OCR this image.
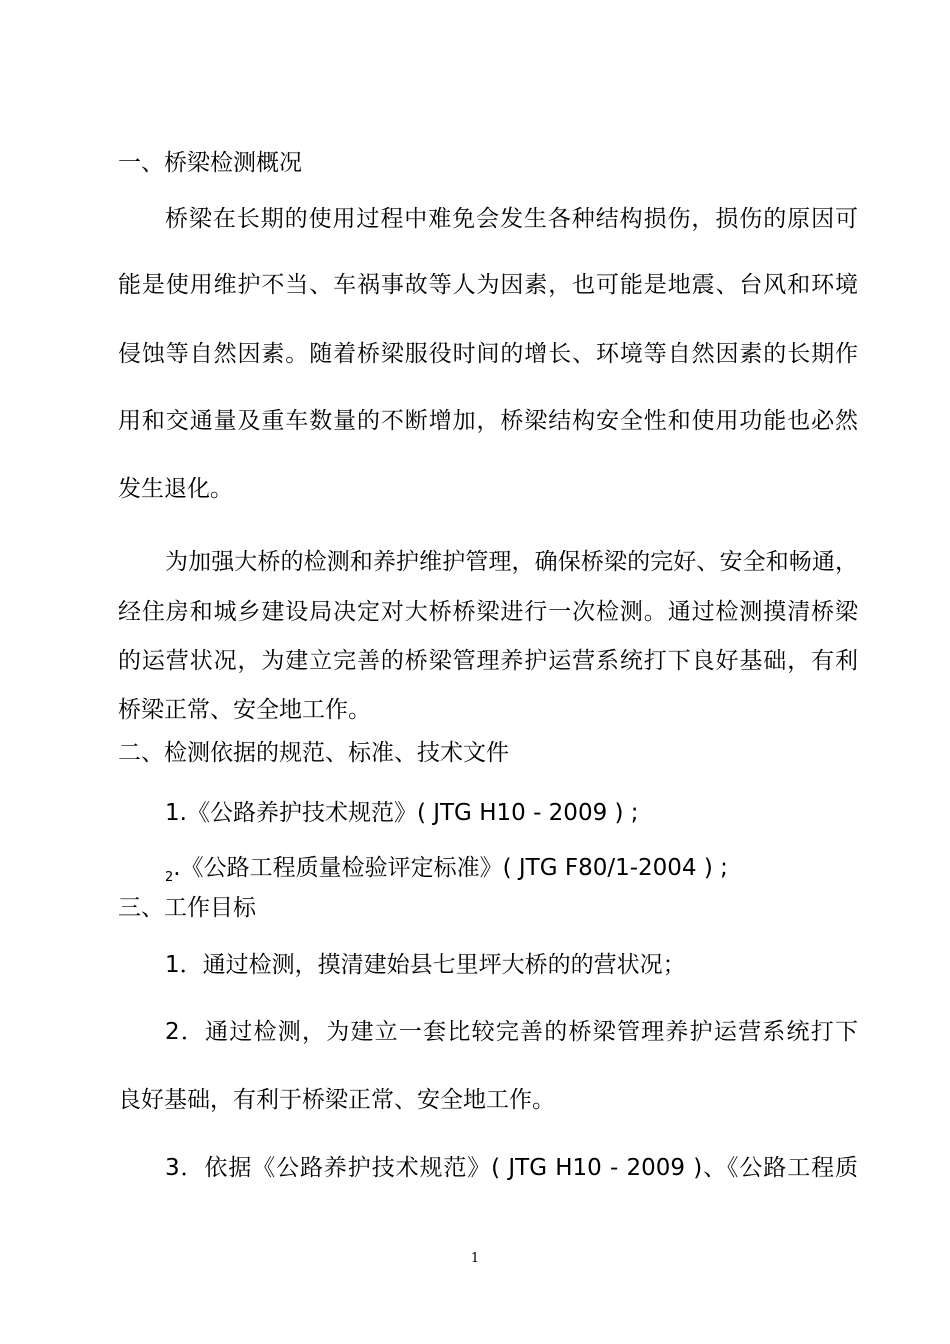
一、桥梁检测概况
桥梁在长期的使用过程中难免会发生各种结构损伤，损伤的原因可
能是使用维护不当、车祸事故等人为因素，也可能是地震、台风和环境
侵蚀等自然因素。随着桥梁服役时间的增长、环境等自然因素的长期作
用和交通量及重车数量的不断增加，桥梁结构安全性和使用功能也必然
发生退化。
为加强大桥的检测和养护维护管理，确保桥梁的完好、安全和畅通，
经住房和城乡建设局决定对大桥桥梁进行一次检测。通过检测摸清桥梁
的运营状况，为建立完善的桥梁管理养护运营系统打下良好基础，有利
桥梁正常、安全地工作。
二、检测依据的规范、标准、技术文件
1.《公路养护技术规范》( JTG H10 - 2009 ) ;
$_2$.《公路工程质量检验评定标准》( JTG F80/1-2004 ) ;
三、工作目标
1．通过检测，摸清建始县七里坪大桥的的营状况；
2．通过检测，为建立一套比较完善的桥梁管理养护运营系统打下
良好基础，有利于桥梁正常、安全地工作。
3．依据《公路养护技术规范》( JTG H10 - 2009 )、《公路工程质
1
